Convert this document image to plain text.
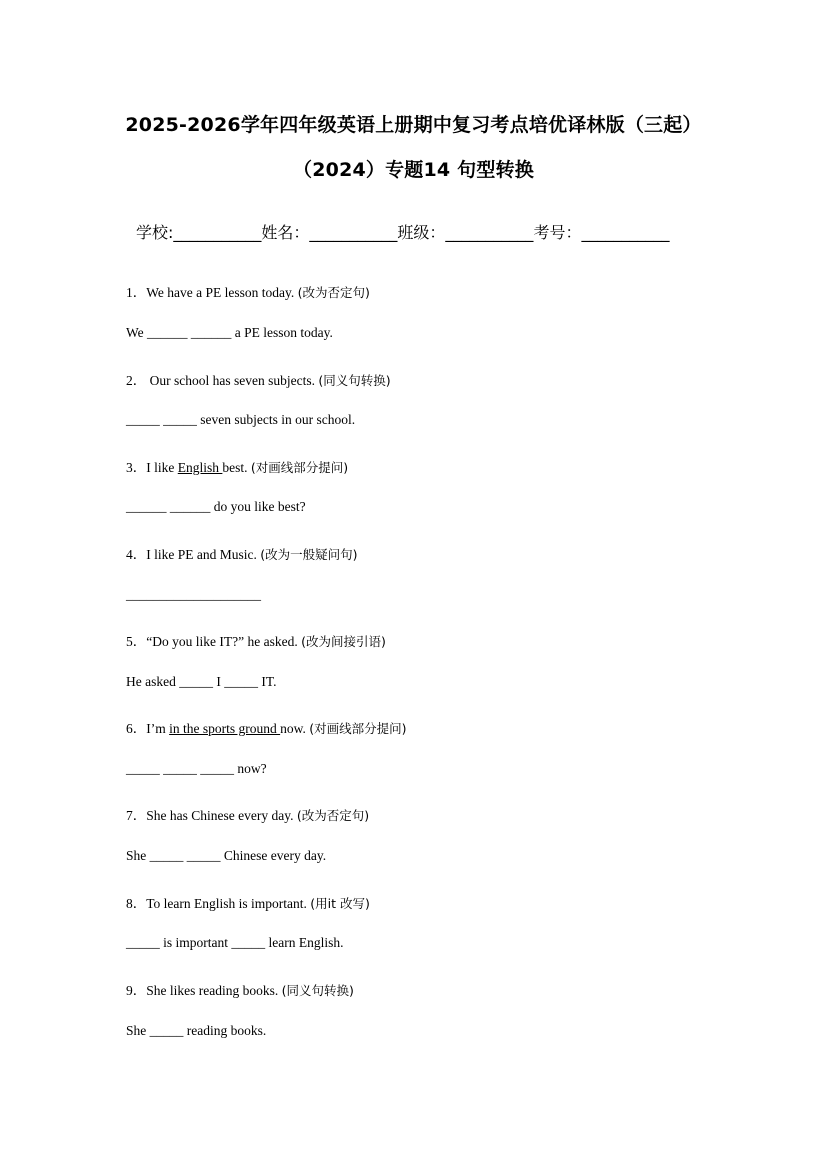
2025-2026学年四年级英语上册期中复习考点培优译林版（三起）
（2024）专题14 句型转换
学校:___________姓名：___________班级：___________考号：___________
1．We have a PE lesson today. (改为否定句)
We ______ ______ a PE lesson today.
2． Our school has seven subjects. (同义句转换)
_____ _____ seven subjects in our school.
3．I like English best. (对画线部分提问)
______ ______ do you like best?
4．I like PE and Music. (改为一般疑问句)
____________________
5．“Do you like IT?” he asked. (改为间接引语)
He asked _____ I _____ IT.
6．I’m in the sports ground now. (对画线部分提问)
_____ _____ _____ now?
7．She has Chinese every day. (改为否定句)
She _____ _____ Chinese every day.
8．To learn English is important. (用it 改写)
_____ is important _____ learn English.
9．She likes reading books. (同义句转换)
She _____ reading books.
